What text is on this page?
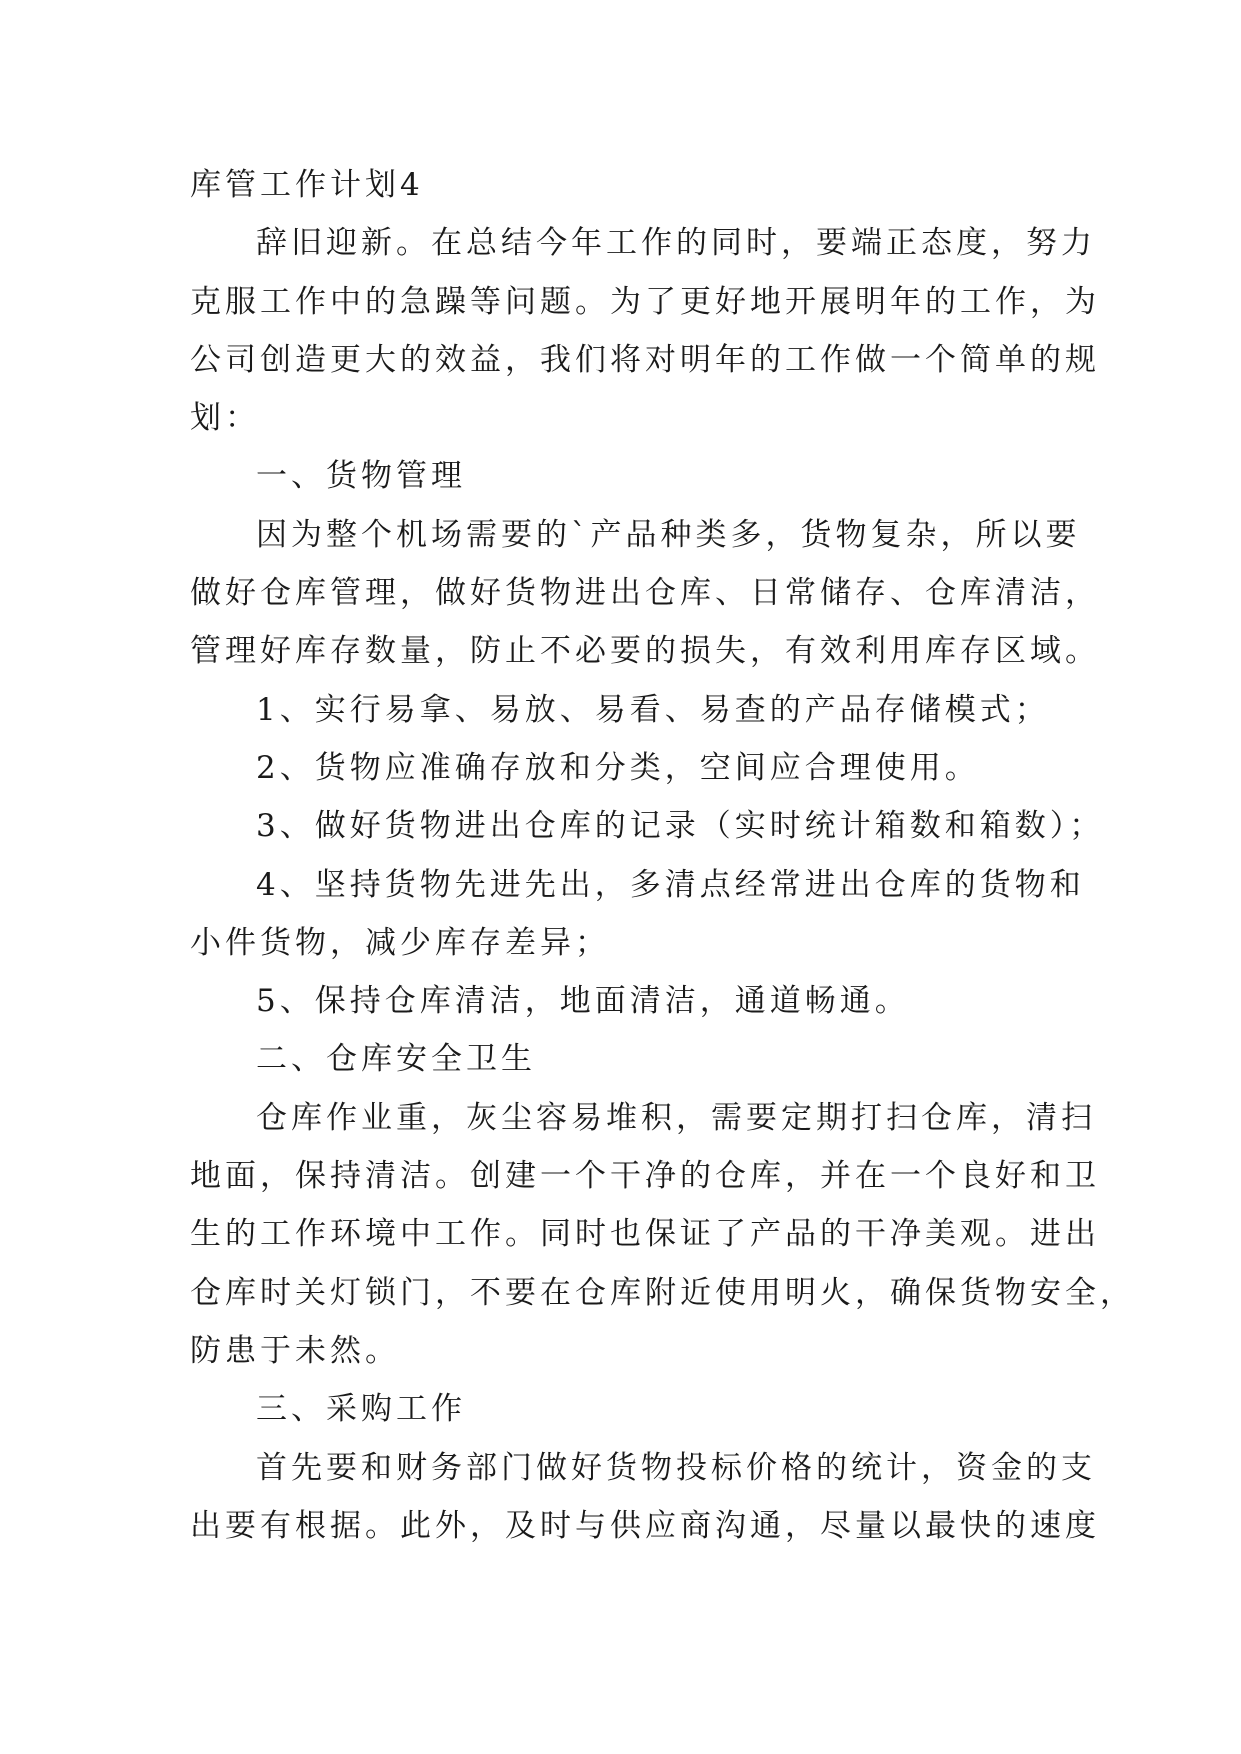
库管工作计划4

辞旧迎新。在总结今年工作的同时，要端正态度，努力

克服工作中的急躁等问题。为了更好地开展明年的工作，为

公司创造更大的效益，我们将对明年的工作做一个简单的规

划：

一、货物管理

因为整个机场需要的`产品种类多，货物复杂，所以要

做好仓库管理，做好货物进出仓库、日常储存、仓库清洁，

管理好库存数量，防止不必要的损失，有效利用库存区域。

1、实行易拿、易放、易看、易查的产品存储模式；

2、货物应准确存放和分类，空间应合理使用。

3、做好货物进出仓库的记录（实时统计箱数和箱数）；

4、坚持货物先进先出，多清点经常进出仓库的货物和

小件货物，减少库存差异；

5、保持仓库清洁，地面清洁，通道畅通。

二、仓库安全卫生

仓库作业重，灰尘容易堆积，需要定期打扫仓库，清扫

地面，保持清洁。创建一个干净的仓库，并在一个良好和卫

生的工作环境中工作。同时也保证了产品的干净美观。进出

仓库时关灯锁门，不要在仓库附近使用明火，确保货物安全，

防患于未然。

三、采购工作

首先要和财务部门做好货物投标价格的统计，资金的支

出要有根据。此外，及时与供应商沟通，尽量以最快的速度
